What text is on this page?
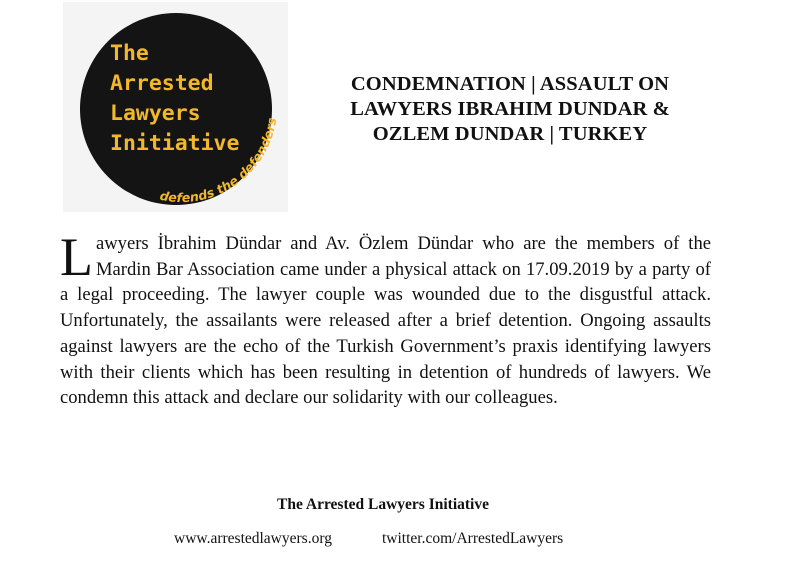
The
Arrested
Lawyers
Initiative
defends the defenders
CONDEMNATION | ASSAULT ON
LAWYERS IBRAHIM DUNDAR &
OZLEM DUNDAR | TURKEY
Lawyers İbrahim Dündar and Av. Özlem Dündar who are the members of the Mardin Bar Association came under a physical attack on 17.09.2019 by a party of a legal proceeding. The lawyer couple was wounded due to the disgustful attack. Unfortunately, the assailants were released after a brief detention. Ongoing assaults against lawyers are the echo of the Turkish Government’s praxis identifying lawyers with their clients which has been resulting in detention of hundreds of lawyers. We condemn this attack and declare our solidarity with our colleagues.
The Arrested Lawyers Initiative
www.arrestedlawyers.org	twitter.com/ArrestedLawyers
